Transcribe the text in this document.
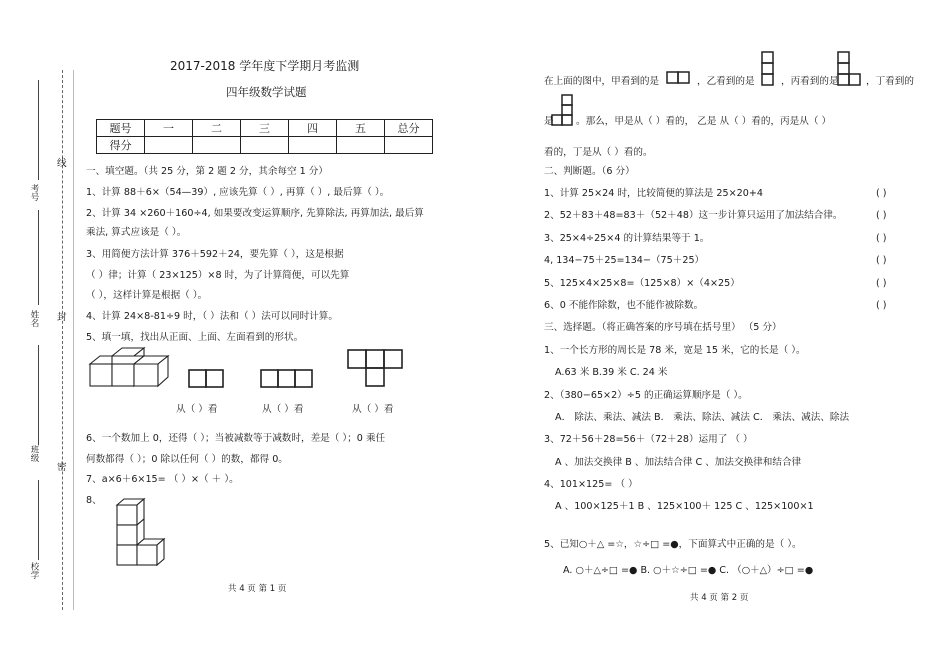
考号
姓名
班级
校学
线
封
密
2017-2018 学年度下学期月考监测
四年级数学试题
题号	一	二	三	四	五	总分
得分						
一、填空题。（共 25 分，第 2 题 2 分，其余每空 1 分）
1、计算 88＋6×（54—39）, 应该先算（ ）, 再算（ ）, 最后算（ ）。
2、计算 34 ×260＋160÷4, 如果要改变运算顺序, 先算除法, 再算加法, 最后算
乘法, 算式应该是（ ）。
3、用简便方法计算 376＋592＋24，要先算（ ），这是根据
（ ）律；计算（ 23×125）×8 时，为了计算简便，可以先算
（ ），这样计算是根据（ ）。
4、计算 24×8-81÷9 时，（ ）法和（ ）法可以同时计算。
5、填一填，找出从正面、上面、左面看到的形状。
从（ ）看	从（ ）看	从（ ）看
6、一个数加上 0，还得（ ）；当被减数等于减数时，差是（ ）；0 乘任
何数都得（ ）；0 除以任何（ ）的数，都得 0。
7、a×6＋6×15= （ ）×（ ＋ ）。
8、
共 4 页 第 1 页
在上面的图中，甲看到的是	，乙看到的是	，丙看到的是	，丁看到的
是 。那么，甲是从（ ）看的， 乙是 从（ ）看的，丙是从（ ）
看的，丁是从（ ）看的。
二、判断题。（6 分）
1、计算 25×24 时，比较简便的算法是 25×20+4	( )
2、52＋83＋48=83＋（52＋48）这一步计算只运用了加法结合律。	( )
3、25×4÷25×4 的计算结果等于 1。	( )
4, 134−75＋25=134−（75＋25）	( )
5、125×4×25×8=（125×8）×（4×25）	( )
6、0 不能作除数，也不能作被除数。	( )
三、选择题。（将正确答案的序号填在括号里） （5 分）
1、一个长方形的周长是 78 米，宽是 15 米，它的长是（ ）。
A.63 米 B.39 米 C. 24 米
2、（380−65×2）÷5 的正确运算顺序是（ ）。
A． 除法、乘法、减法 B． 乘法、除法、减法 C． 乘法、减法、除法
3、72＋56＋28=56＋（72＋28）运用了 （ ）
A 、加法交换律 B 、加法结合律 C 、加法交换律和结合律
4、101×125= （ ）
A 、100×125＋1 B 、125×100＋ 125 C 、125×100×1
5、已知○＋△ =☆，☆÷□ =●，下面算式中正确的是（ ）。
A. ○＋△÷□ =● B. ○＋☆÷□ =● C. （○＋△）÷□ =●
共 4 页 第 2 页
